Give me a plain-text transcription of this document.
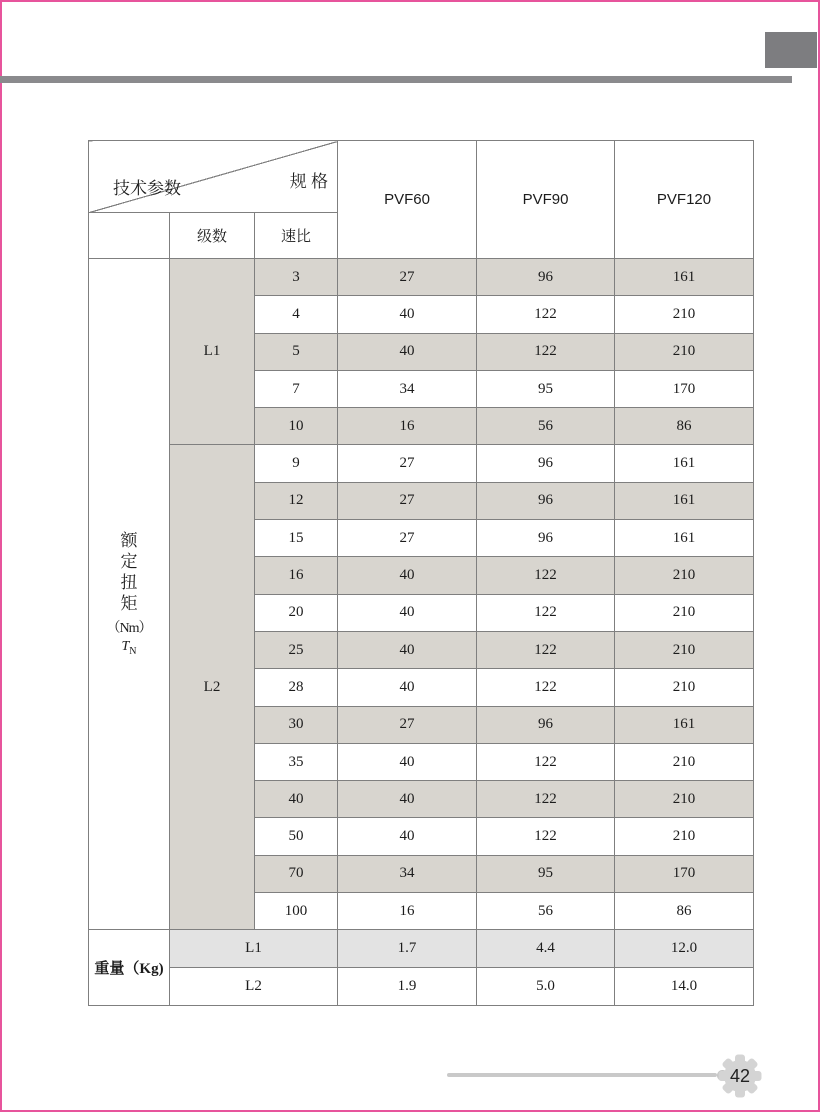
规 格
技术参数			PVF60	PVF90	PVF120
	级数	速比			

额
定
扭
矩
（Nm）
$T_N$
	L1	3	27	96	161
		4	40	122	210
		5	40	122	210
		7	34	95	170
		10	16	56	86
	L2	9	27	96	161
		12	27	96	161
		15	27	96	161
		16	40	122	210
		20	40	122	210
		25	40	122	210
		28	40	122	210
		30	27	96	161
		35	40	122	210
		40	40	122	210
		50	40	122	210
		70	34	95	170
		100	16	56	86
重量（Kg)	L1		1.7	4.4	12.0
	L2		1.9	5.0	14.0
42
